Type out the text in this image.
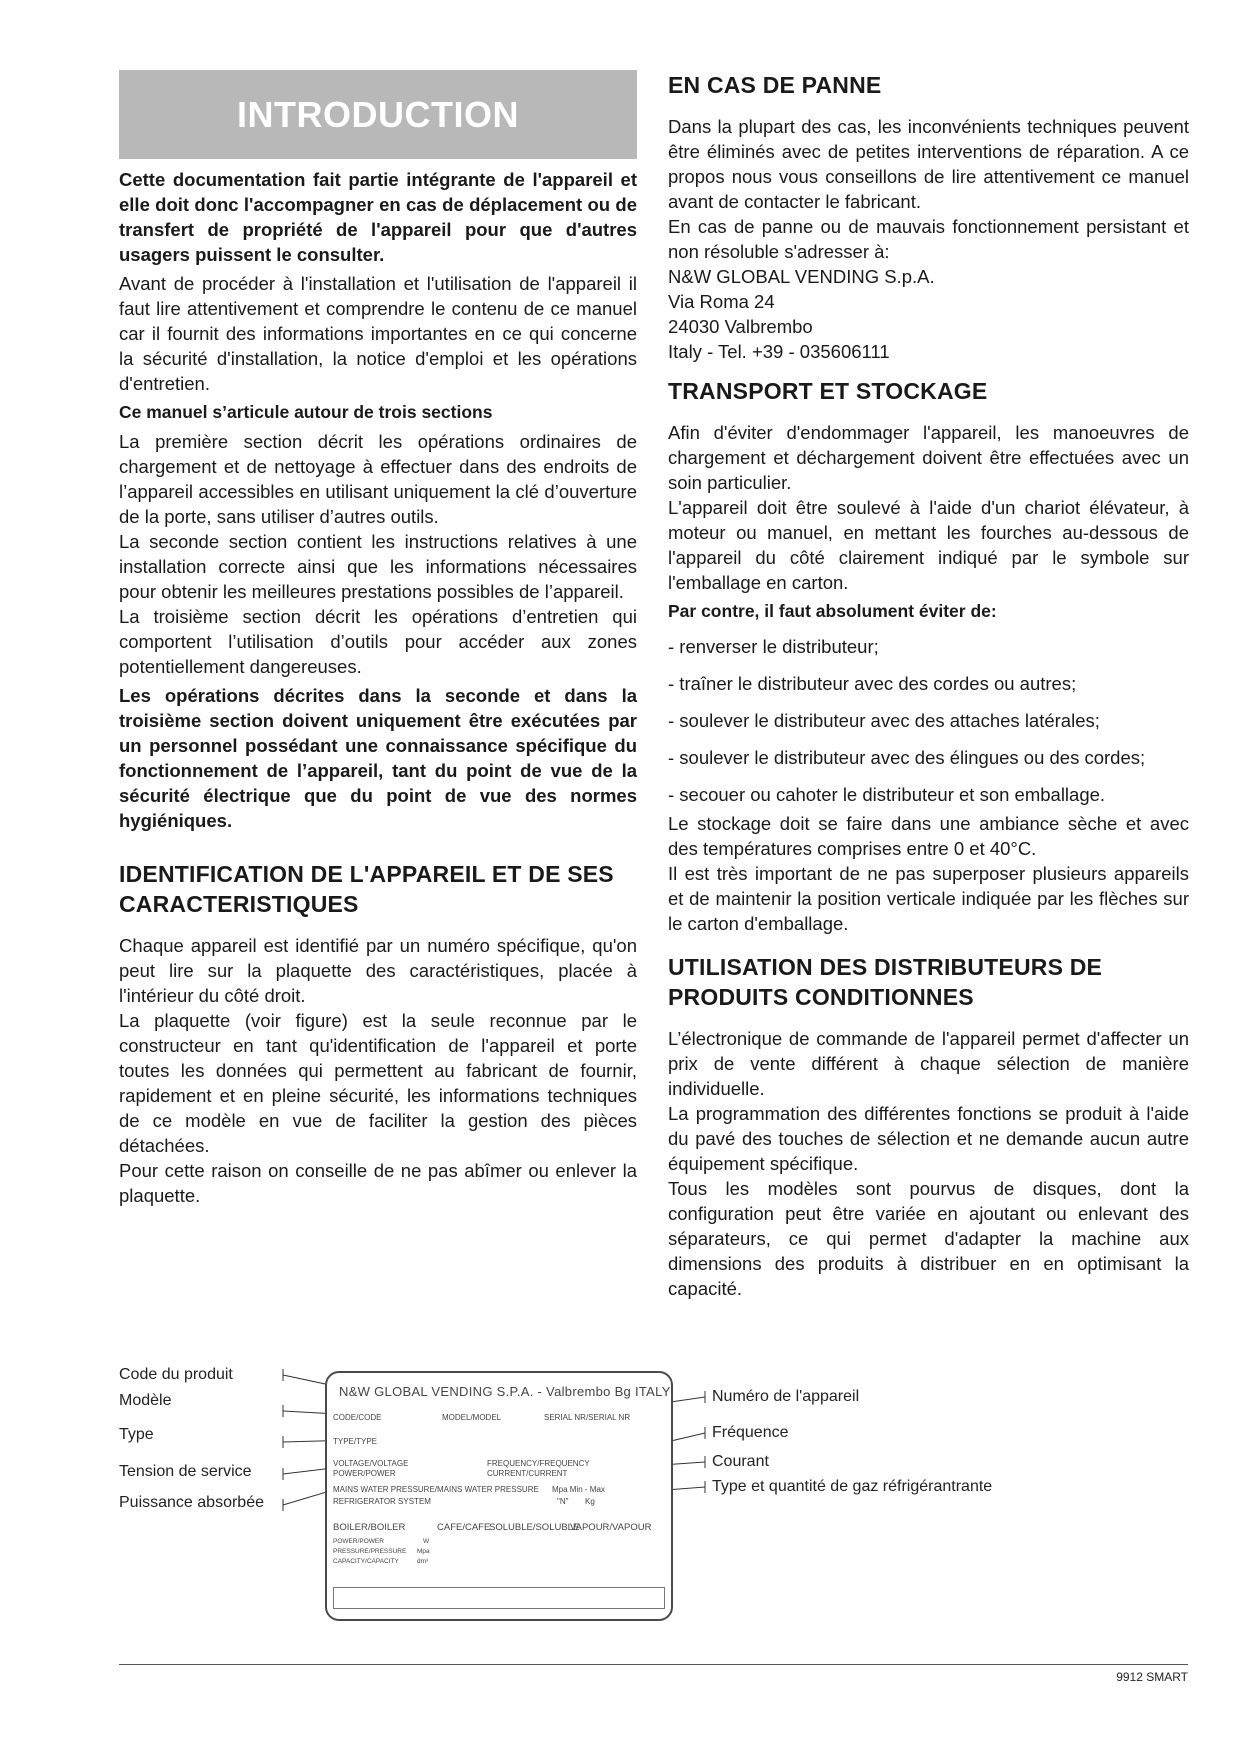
INTRODUCTION

Cette documentation fait partie intégrante de l'appareil et elle doit donc l'accompagner en cas de déplacement ou de transfert de propriété de l'appareil pour que d'autres usagers puissent le consulter.

Avant de procéder à l'installation et l'utilisation de l'appareil il faut lire attentivement et comprendre le contenu de ce manuel car il fournit des informations importantes en ce qui concerne la sécurité d'installation, la notice d'emploi et les opérations d'entretien.

Ce manuel s’articule autour de trois sections

La première section décrit les opérations ordinaires de chargement et de nettoyage à effectuer dans des endroits de l’appareil accessibles en utilisant uniquement la clé d’ouverture de la porte, sans utiliser d’autres outils.

La seconde section contient les instructions relatives à une installation correcte ainsi que les informations nécessaires pour obtenir les meilleures prestations possibles de l’appareil.

La troisième section décrit les opérations d’entretien qui comportent l’utilisation d’outils pour accéder aux zones potentiellement dangereuses.

Les opérations décrites dans la seconde et dans la troisième section doivent uniquement être exécutées par un personnel possédant une connaissance spécifique du fonctionnement de l’appareil, tant du point de vue de la sécurité électrique que du point de vue des normes hygiéniques.

IDENTIFICATION DE L'APPAREIL ET DE SES CARACTERISTIQUES

Chaque appareil est identifié par un numéro spécifique, qu'on peut lire sur la plaquette des caractéristiques, placée à l'intérieur du côté droit.

La plaquette (voir figure) est la seule reconnue par le constructeur en tant qu'identification de l'appareil et porte toutes les données qui permettent au fabricant de fournir, rapidement et en pleine sécurité, les informations techniques de ce modèle en vue de faciliter la gestion des pièces détachées.

Pour cette raison on conseille de ne pas abîmer ou enlever la plaquette.

EN CAS DE PANNE

Dans la plupart des cas, les inconvénients techniques peuvent être éliminés avec de petites interventions de réparation. A ce propos nous vous conseillons de lire attentivement ce manuel avant de contacter le fabricant.

En cas de panne ou de mauvais fonctionnement persistant et non résoluble s'adresser à:

N&W GLOBAL VENDING S.p.A.

Via Roma 24

24030 Valbrembo

Italy - Tel. +39 - 035606111

TRANSPORT ET STOCKAGE

Afin d'éviter d'endommager l'appareil, les manoeuvres de chargement et déchargement doivent être effectuées avec un soin particulier.

L'appareil doit être soulevé à l'aide d'un chariot élévateur, à moteur ou manuel, en mettant les fourches au-dessous de l'appareil du côté clairement indiqué par le symbole sur l'emballage en carton.

Par contre, il faut absolument éviter de:

- renverser le distributeur;

- traîner le distributeur avec des cordes ou autres;

- soulever le distributeur avec des attaches latérales;

- soulever le distributeur avec des élingues ou des cordes;

- secouer ou cahoter le distributeur et son emballage.

Le stockage doit se faire dans une ambiance sèche et avec des températures comprises entre 0 et 40°C.

Il est très important de ne pas superposer plusieurs appareils et de maintenir la position verticale indiquée par les flèches sur le carton d'emballage.

UTILISATION DES DISTRIBUTEURS DE PRODUITS CONDITIONNES

L’électronique de commande de l'appareil permet d'affecter un prix de vente différent à chaque sélection de manière individuelle.

La programmation des différentes fonctions se produit à l'aide du pavé des touches de sélection et ne demande aucun autre équipement spécifique.

Tous les modèles sont pourvus de disques, dont la configuration peut être variée en ajoutant ou enlevant des séparateurs, ce qui permet d'adapter la machine aux dimensions des produits à distribuer en en optimisant la capacité.

Code du produit
Modèle
Type
Tension de service
Puissance absorbée
Numéro de l'appareil
Fréquence
Courant
Type et quantité de gaz réfrigérantrante
N&W GLOBAL VENDING S.P.A. - Valbrembo Bg ITALY
CODE/CODE	MODEL/MODEL	SERIAL NR/SERIAL NR
TYPE/TYPE
VOLTAGE/VOLTAGE
POWER/POWER
FREQUENCY/FREQUENCY
CURRENT/CURRENT
MAINS WATER PRESSURE/MAINS WATER PRESSURE Mpa Min - Max
REFRIGERATOR SYSTEM	"N" Kg
BOILER/BOILER	CAFE/CAFE
SOLUBLE/SOLUBLE
VAPOUR/VAPOUR
POWER/POWER
PRESSURE/PRESSURE
CAPACITY/CAPACITY
W
Mpa
dm³
9912 SMART
